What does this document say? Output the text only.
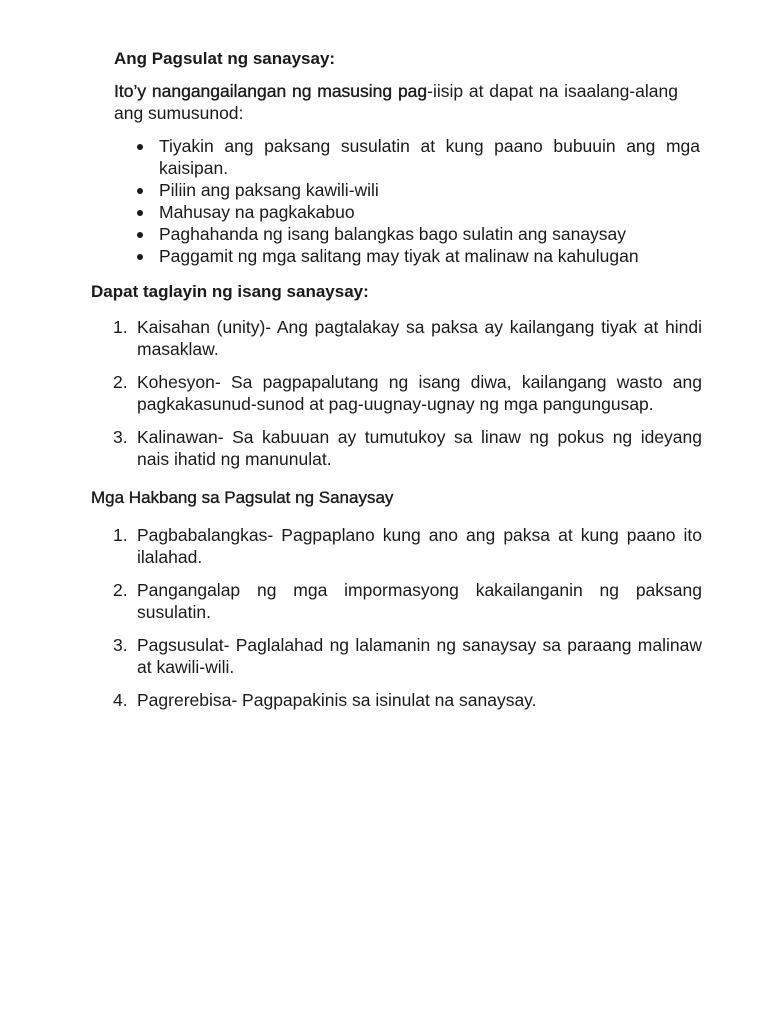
Ang Pagsulat ng sanaysay:

Ito’y nangangailangan ng masusing pag-iisip at dapat na isaalang-alang ang sumusunod:

Tiyakin ang paksang susulatin at kung paano bubuuin ang mga kaisipan.
Piliin ang paksang kawili-wili
Mahusay na pagkakabuo
Paghahanda ng isang balangkas bago sulatin ang sanaysay
Paggamit ng mga salitang may tiyak at malinaw na kahulugan
Dapat taglayin ng isang sanaysay:
1. Kaisahan (unity)- Ang pagtalakay sa paksa ay kailangang tiyak at hindi masaklaw.
2. Kohesyon- Sa pagpapalutang ng isang diwa, kailangang wasto ang pagkakasunud-sunod at pag-uugnay-ugnay ng mga pangungusap.
3. Kalinawan- Sa kabuuan ay tumutukoy sa linaw ng pokus ng ideyang nais ihatid ng manunulat.
Mga Hakbang sa Pagsulat ng Sanaysay
1. Pagbabalangkas- Pagpaplano kung ano ang paksa at kung paano ito ilalahad.
2. Pangangalap ng mga impormasyong kakailanganin ng paksang susulatin.
3. Pagsusulat- Paglalahad ng lalamanin ng sanaysay sa paraang malinaw at kawili-wili.
4. Pagrerebisa- Pagpapakinis sa isinulat na sanaysay.
